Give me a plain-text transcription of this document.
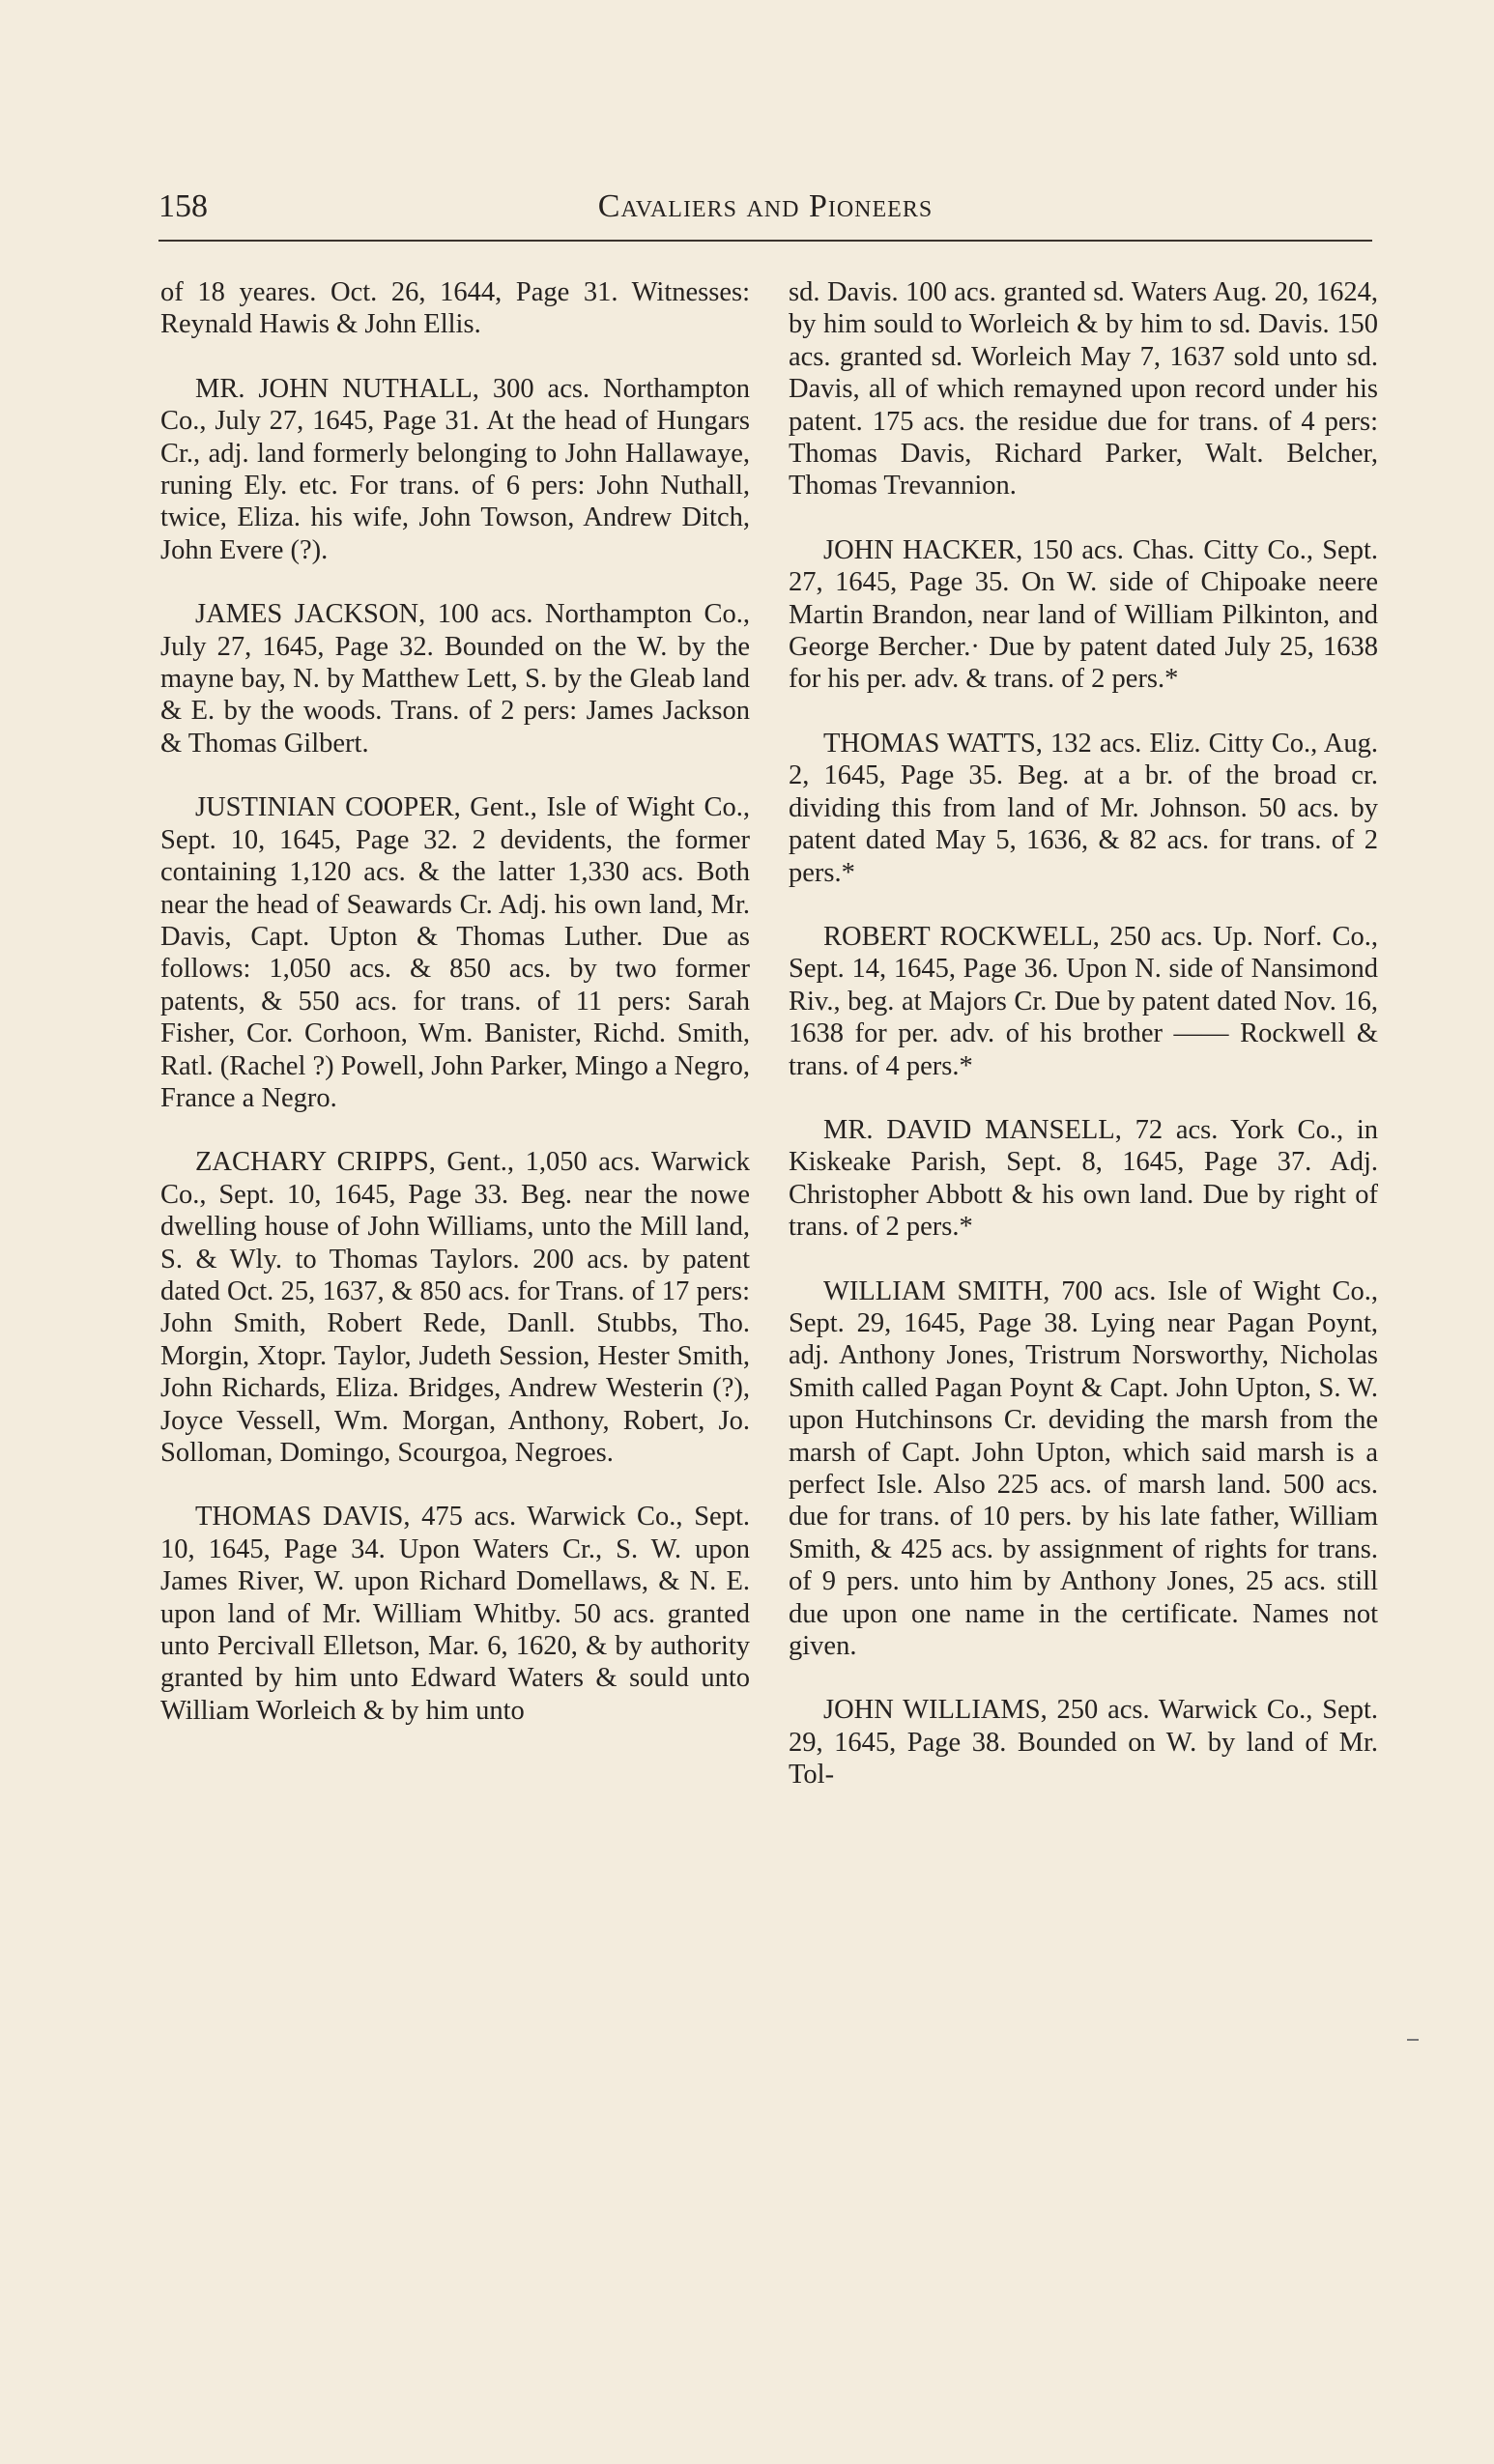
158	Cavaliers and Pioneers

of 18 yeares. Oct. 26, 1644, Page 31. Witnesses: Reynald Hawis & John Ellis.

MR. JOHN NUTHALL, 300 acs. Northampton Co., July 27, 1645, Page 31. At the head of Hungars Cr., adj. land formerly belonging to John Hallawaye, runing Ely. etc. For trans. of 6 pers: John Nuthall, twice, Eliza. his wife, John Towson, Andrew Ditch, John Evere (?).

JAMES JACKSON, 100 acs. Northampton Co., July 27, 1645, Page 32. Bounded on the W. by the mayne bay, N. by Matthew Lett, S. by the Gleab land & E. by the woods. Trans. of 2 pers: James Jackson & Thomas Gilbert.

JUSTINIAN COOPER, Gent., Isle of Wight Co., Sept. 10, 1645, Page 32. 2 devidents, the former containing 1,120 acs. & the latter 1,330 acs. Both near the head of Seawards Cr. Adj. his own land, Mr. Davis, Capt. Upton & Thomas Luther. Due as follows: 1,050 acs. & 850 acs. by two former patents, & 550 acs. for trans. of 11 pers: Sarah Fisher, Cor. Corhoon, Wm. Banister, Richd. Smith, Ratl. (Rachel ?) Powell, John Parker, Mingo a Negro, France a Negro.

ZACHARY CRIPPS, Gent., 1,050 acs. Warwick Co., Sept. 10, 1645, Page 33. Beg. near the nowe dwelling house of John Williams, unto the Mill land, S. & Wly. to Thomas Taylors. 200 acs. by patent dated Oct. 25, 1637, & 850 acs. for Trans. of 17 pers: John Smith, Robert Rede, Danll. Stubbs, Tho. Morgin, Xtopr. Taylor, Judeth Session, Hester Smith, John Richards, Eliza. Bridges, Andrew Westerin (?), Joyce Vessell, Wm. Morgan, Anthony, Robert, Jo. Solloman, Domingo, Scourgoa, Negroes.

THOMAS DAVIS, 475 acs. Warwick Co., Sept. 10, 1645, Page 34. Upon Waters Cr., S. W. upon James River, W. upon Richard Domellaws, & N. E. upon land of Mr. William Whitby. 50 acs. granted unto Percivall Elletson, Mar. 6, 1620, & by authority granted by him unto Edward Waters & sould unto William Worleich & by him unto

sd. Davis. 100 acs. granted sd. Waters Aug. 20, 1624, by him sould to Worleich & by him to sd. Davis. 150 acs. granted sd. Worleich May 7, 1637 sold unto sd. Davis, all of which remayned upon record under his patent. 175 acs. the residue due for trans. of 4 pers: Thomas Davis, Richard Parker, Walt. Belcher, Thomas Trevannion.

JOHN HACKER, 150 acs. Chas. Citty Co., Sept. 27, 1645, Page 35. On W. side of Chipoake neere Martin Brandon, near land of William Pilkinton, and George Bercher.· Due by patent dated July 25, 1638 for his per. adv. & trans. of 2 pers.*

THOMAS WATTS, 132 acs. Eliz. Citty Co., Aug. 2, 1645, Page 35. Beg. at a br. of the broad cr. dividing this from land of Mr. Johnson. 50 acs. by patent dated May 5, 1636, & 82 acs. for trans. of 2 pers.*

ROBERT ROCKWELL, 250 acs. Up. Norf. Co., Sept. 14, 1645, Page 36. Upon N. side of Nansimond Riv., beg. at Majors Cr. Due by patent dated Nov. 16, 1638 for per. adv. of his brother —— Rockwell & trans. of 4 pers.*

MR. DAVID MANSELL, 72 acs. York Co., in Kiskeake Parish, Sept. 8, 1645, Page 37. Adj. Christopher Abbott & his own land. Due by right of trans. of 2 pers.*

WILLIAM SMITH, 700 acs. Isle of Wight Co., Sept. 29, 1645, Page 38. Lying near Pagan Poynt, adj. Anthony Jones, Tristrum Norsworthy, Nicholas Smith called Pagan Poynt & Capt. John Upton, S. W. upon Hutchinsons Cr. deviding the marsh from the marsh of Capt. John Upton, which said marsh is a perfect Isle. Also 225 acs. of marsh land. 500 acs. due for trans. of 10 pers. by his late father, William Smith, & 425 acs. by assignment of rights for trans. of 9 pers. unto him by Anthony Jones, 25 acs. still due upon one name in the certificate. Names not given.

JOHN WILLIAMS, 250 acs. Warwick Co., Sept. 29, 1645, Page 38. Bounded on W. by land of Mr. Tol-
